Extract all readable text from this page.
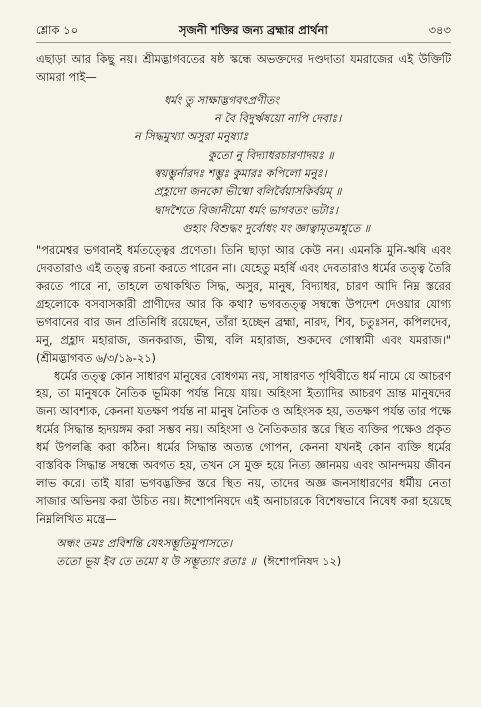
শ্লোক ১০	সৃজনী শক্তির জন্য ব্রহ্মার প্রার্থনা	৩৪৩

এছাড়া আর কিছু নয়। শ্রীমদ্ভাগবতের ষষ্ঠ স্কন্ধে অভক্তদের দণ্ডদাতা যমরাজের এই উক্তিটি আমরা পাই—

ধর্মং তু সাক্ষাদ্ভগবৎপ্রণীতং
ন বৈ বিদুর্ঋষয়ো নাপি দেবাঃ।
ন সিদ্ধমুখ্যা অসুরা মনুষ্যাঃ
কুতো নু বিদ্যাধরচারণাদয়ঃ ॥
স্বয়ম্ভুর্নারদঃ শম্ভুঃ কুমারঃ কপিলো মনুঃ।
প্রহ্লাদো জনকো ভীষ্মো বলির্বৈয়াসকির্বয়ম্‌ ॥
দ্বাদশৈতে বিজানীমো ধর্মং ভাগবতং ভটাঃ।
গুহ্যং বিশুদ্ধং দুর্বোধং যং জ্ঞাত্বামৃতমশ্নুতে ॥

"পরমেশ্বর ভগবানই ধর্মতত্ত্বের প্রণেতা। তিনি ছাড়া আর কেউ নন। এমনকি মুনি-ঋষি এবং দেবতারাও এই তত্ত্ব রচনা করতে পারেন না। যেহেতু মহর্ষি এবং দেবতারাও ধর্মের তত্ত্ব তৈরি করতে পারে না, তাহলে তথাকথিত সিদ্ধ, অসুর, মানুষ, বিদ্যাধর, চারণ আদি নিম্ন স্তরের গ্রহলোকে বসবাসকারী প্রাণীদের আর কি কথা? ভগবতত্ত্ব সম্বন্ধে উপদেশ দেওয়ার যোগ্য ভগবানের বার জন প্রতিনিধি রয়েছেন, তাঁরা হচ্ছেন ব্রহ্মা, নারদ, শিব, চতুঃসন, কপিলদেব, মনু, প্রহ্লাদ মহারাজ, জনকরাজ, ভীষ্ম, বলি মহারাজ, শুকদেব গোস্বামী এবং যমরাজ।" (শ্রীমদ্ভাগবত ৬/৩/১৯-২১)

ধর্মের তত্ত্ব কোন সাধারণ মানুষের বোধগম্য নয়, সাধারণত পৃথিবীতে ধর্ম নামে যে আচরণ হয়, তা মানুষকে নৈতিক ভূমিকা পর্যন্ত নিয়ে যায়। অহিংসা ইত্যাদির আচরণ ভ্রান্ত মানুষদের জন্য আবশ্যক, কেননা যতক্ষণ পর্যন্ত না মানুষ নৈতিক ও অহিংসক হয়, ততক্ষণ পর্যন্ত তার পক্ষে ধর্মের সিদ্ধান্ত হৃদয়ঙ্গম করা সম্ভব নয়। অহিংসা ও নৈতিকতার স্তরে স্থিত ব্যক্তির পক্ষেও প্রকৃত ধর্ম উপলব্ধি করা কঠিন। ধর্মের সিদ্ধান্ত অত্যন্ত গোপন, কেননা যখনই কোন ব্যক্তি ধর্মের বাস্তবিক সিদ্ধান্ত সম্বন্ধে অবগত হয়, তখন সে মুক্ত হয়ে নিত্য জ্ঞানময় এবং আনন্দময় জীবন লাভ করে। তাই যারা ভগবদ্ভক্তির স্তরে স্থিত নয়, তাদের অজ্ঞ জনসাধারণের ধর্মীয় নেতা সাজার অভিনয় করা উচিত নয়। ঈশোপনিষদে এই অনাচারকে বিশেষভাবে নিষেধ করা হয়েছে নিম্নলিখিত মন্ত্রে—

অন্ধং তমঃ প্রবিশন্তি যেঽসম্ভূতিমুপাসতে।
ততো ভূয় ইব তে তমো য উ সম্ভূত্যাং রতাঃ ॥ (ঈশোপনিষদ ১২)
